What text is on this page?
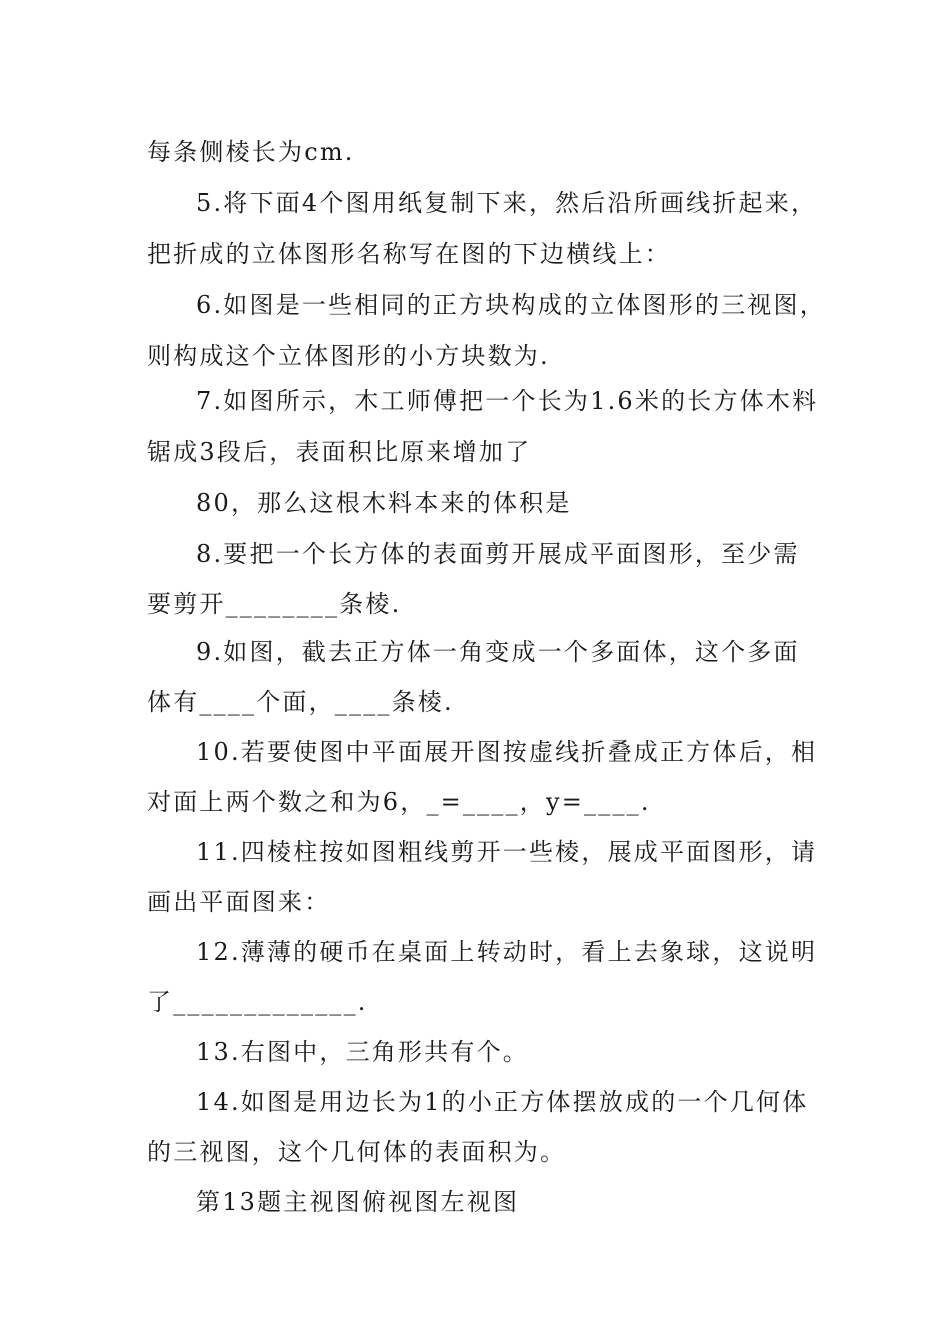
每条侧棱长为cm.
5.将下面4个图用纸复制下来，然后沿所画线折起来，
把折成的立体图形名称写在图的下边横线上：
6.如图是一些相同的正方块构成的立体图形的三视图，
则构成这个立体图形的小方块数为.
7.如图所示，木工师傅把一个长为1.6米的长方体木料
锯成3段后，表面积比原来增加了
80，那么这根木料本来的体积是
8.要把一个长方体的表面剪开展成平面图形，至少需
要剪开________条棱.
9.如图，截去正方体一角变成一个多面体，这个多面
体有____个面，____条棱.
10.若要使图中平面展开图按虚线折叠成正方体后，相
对面上两个数之和为6，_=____，y=____.
11.四棱柱按如图粗线剪开一些棱，展成平面图形，请
画出平面图来：
12.薄薄的硬币在桌面上转动时，看上去象球，这说明
了_____________.
13.右图中，三角形共有个。
14.如图是用边长为1的小正方体摆放成的一个几何体
的三视图，这个几何体的表面积为。
第13题主视图俯视图左视图
